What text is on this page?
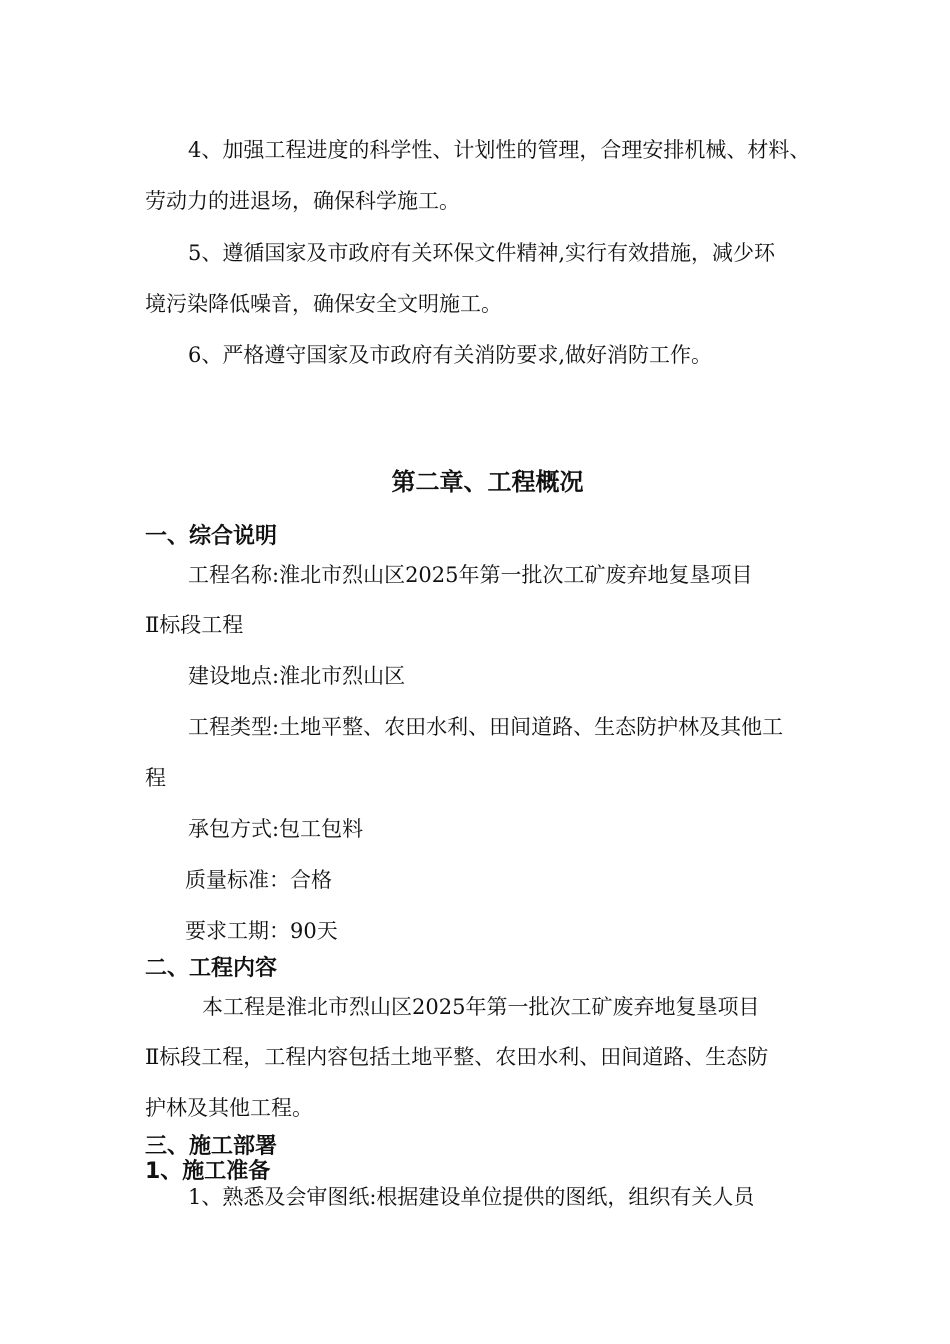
4、加强工程进度的科学性、计划性的管理，合理安排机械、材料、
劳动力的进退场，确保科学施工。
5、遵循国家及市政府有关环保文件精神,实行有效措施，减少环
境污染降低噪音，确保安全文明施工。
6、严格遵守国家及市政府有关消防要求,做好消防工作。
第二章、工程概况
一、综合说明
工程名称:淮北市烈山区2025年第一批次工矿废弃地复垦项目
Ⅱ标段工程
建设地点:淮北市烈山区
工程类型:土地平整、农田水利、田间道路、生态防护林及其他工
程
承包方式:包工包料
质量标准：合格
要求工期：90天
二、工程内容
本工程是淮北市烈山区2025年第一批次工矿废弃地复垦项目
Ⅱ标段工程，工程内容包括土地平整、农田水利、田间道路、生态防
护林及其他工程。
三、施工部署
1、施工准备
1、熟悉及会审图纸:根据建设单位提供的图纸，组织有关人员
